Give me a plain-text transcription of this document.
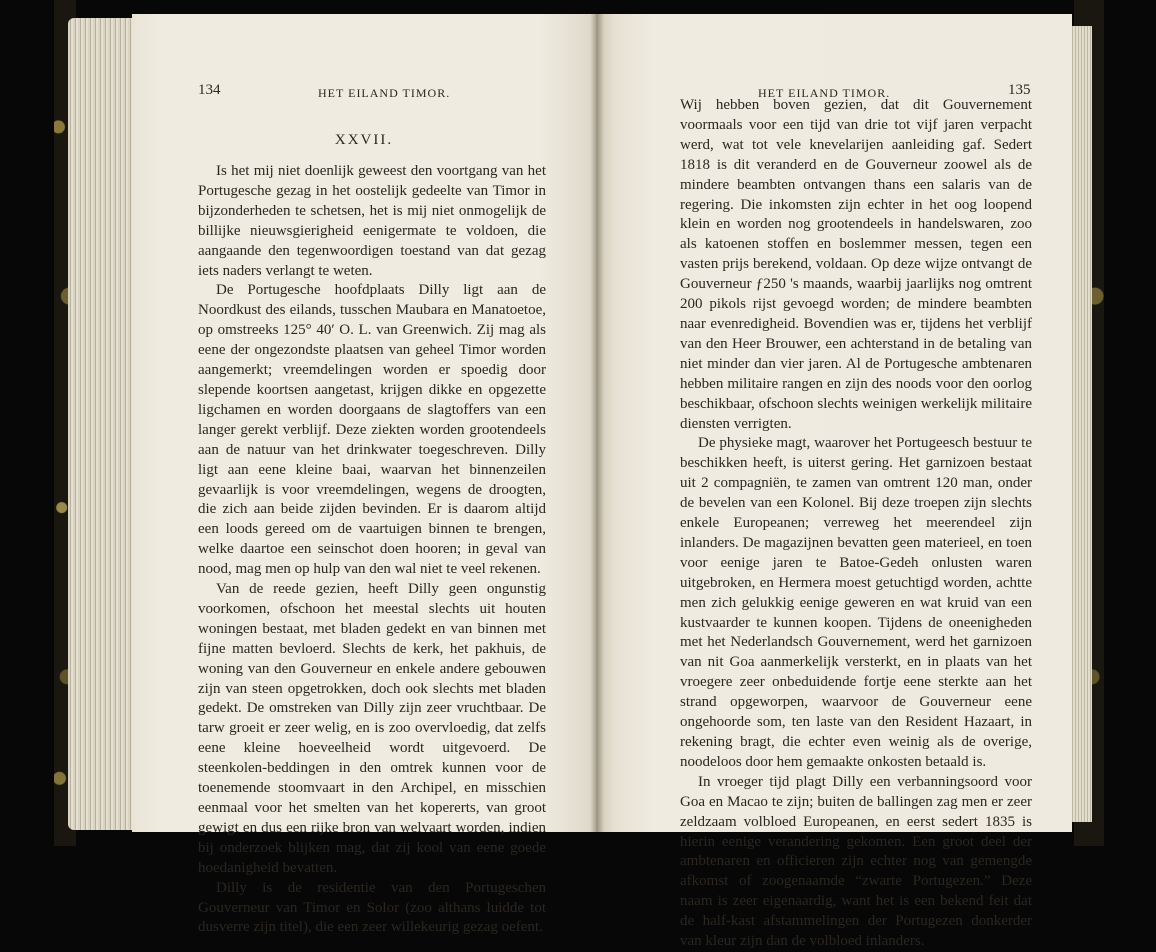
134	HET EILAND TIMOR.
XXVII.

Is het mij niet doenlijk geweest den voortgang van het Portugesche gezag in het oostelijk gedeelte van Timor in bijzonderheden te schetsen, het is mij niet onmogelijk de billijke nieuwsgierigheid eenigermate te voldoen, die aangaande den tegenwoordigen toestand van dat gezag iets naders verlangt te weten.

De Portugesche hoofdplaats Dilly ligt aan de Noordkust des eilands, tusschen Maubara en Manatoetoe, op omstreeks 125° 40′ O. L. van Greenwich. Zij mag als eene der ongezondste plaatsen van geheel Timor worden aangemerkt; vreemdelingen worden er spoedig door slepende koortsen aangetast, krijgen dikke en opgezette ligchamen en worden doorgaans de slagtoffers van een langer gerekt verblijf. Deze ziekten worden grootendeels aan de natuur van het drinkwater toegeschreven. Dilly ligt aan eene kleine baai, waarvan het binnenzeilen gevaarlijk is voor vreemdelingen, wegens de droogten, die zich aan beide zijden bevinden. Er is daarom altijd een loods gereed om de vaartuigen binnen te brengen, welke daartoe een seinschot doen hooren; in geval van nood, mag men op hulp van den wal niet te veel rekenen.

Van de reede gezien, heeft Dilly geen ongunstig voorkomen, ofschoon het meestal slechts uit houten woningen bestaat, met bladen gedekt en van binnen met fijne matten bevloerd. Slechts de kerk, het pakhuis, de woning van den Gouverneur en enkele andere gebouwen zijn van steen opgetrokken, doch ook slechts met bladen gedekt. De omstreken van Dilly zijn zeer vruchtbaar. De tarw groeit er zeer welig, en is zoo overvloedig, dat zelfs eene kleine hoeveelheid wordt uitgevoerd. De steenkolen-beddingen in den omtrek kunnen voor de toenemende stoomvaart in den Archipel, en misschien eenmaal voor het smelten van het kopererts, van groot gewigt en dus een rijke bron van welvaart worden, indien bij onderzoek blijken mag, dat zij kool van eene goede hoedanigheid bevatten.

Dilly is de residentie van den Portugeschen Gouverneur van Timor en Solor (zoo althans luidde tot dusverre zijn titel), die een zeer willekeurig gezag oefent.

HET EILAND TIMOR.	135

Wij hebben boven gezien, dat dit Gouvernement voormaals voor een tijd van drie tot vijf jaren verpacht werd, wat tot vele knevelarijen aanleiding gaf. Sedert 1818 is dit veranderd en de Gouverneur zoowel als de mindere beambten ontvangen thans een salaris van de regering. Die inkomsten zijn echter in het oog loopend klein en worden nog grootendeels in handelswaren, zoo als katoenen stoffen en boslemmer messen, tegen een vasten prijs berekend, voldaan. Op deze wijze ontvangt de Gouverneur ƒ250 's maands, waarbij jaarlijks nog omtrent 200 pikols rijst gevoegd worden; de mindere beambten naar evenredigheid. Bovendien was er, tijdens het verblijf van den Heer Brouwer, een achterstand in de betaling van niet minder dan vier jaren. Al de Portugesche ambtenaren hebben militaire rangen en zijn des noods voor den oorlog beschikbaar, ofschoon slechts weinigen werkelijk militaire diensten verrigten.

De physieke magt, waarover het Portugeesch bestuur te beschikken heeft, is uiterst gering. Het garnizoen bestaat uit 2 compagniën, te zamen van omtrent 120 man, onder de bevelen van een Kolonel. Bij deze troepen zijn slechts enkele Europeanen; verreweg het meerendeel zijn inlanders. De magazijnen bevatten geen materieel, en toen voor eenige jaren te Batoe-Gedeh onlusten waren uitgebroken, en Hermera moest getuchtigd worden, achtte men zich gelukkig eenige geweren en wat kruid van een kustvaarder te kunnen koopen. Tijdens de oneenigheden met het Nederlandsch Gouvernement, werd het garnizoen van nit Goa aanmerkelijk versterkt, en in plaats van het vroegere zeer onbeduidende fortje eene sterkte aan het strand opgeworpen, waarvoor de Gouverneur eene ongehoorde som, ten laste van den Resident Hazaart, in rekening bragt, die echter even weinig als de overige, noodeloos door hem gemaakte onkosten betaald is.

In vroeger tijd plagt Dilly een verbanningsoord voor Goa en Macao te zijn; buiten de ballingen zag men er zeer zeldzaam volbloed Europeanen, en eerst sedert 1835 is hierin eenige verandering gekomen. Een groot deel der ambtenaren en officieren zijn echter nog van gemengde afkomst of zoogenaamde “zwarte Portugezen.” Deze naam is zeer eigenaardig, want het is een bekend feit dat de half-kast afstammelingen der Portugezen donkerder van kleur zijn dan de volbloed inlanders.
